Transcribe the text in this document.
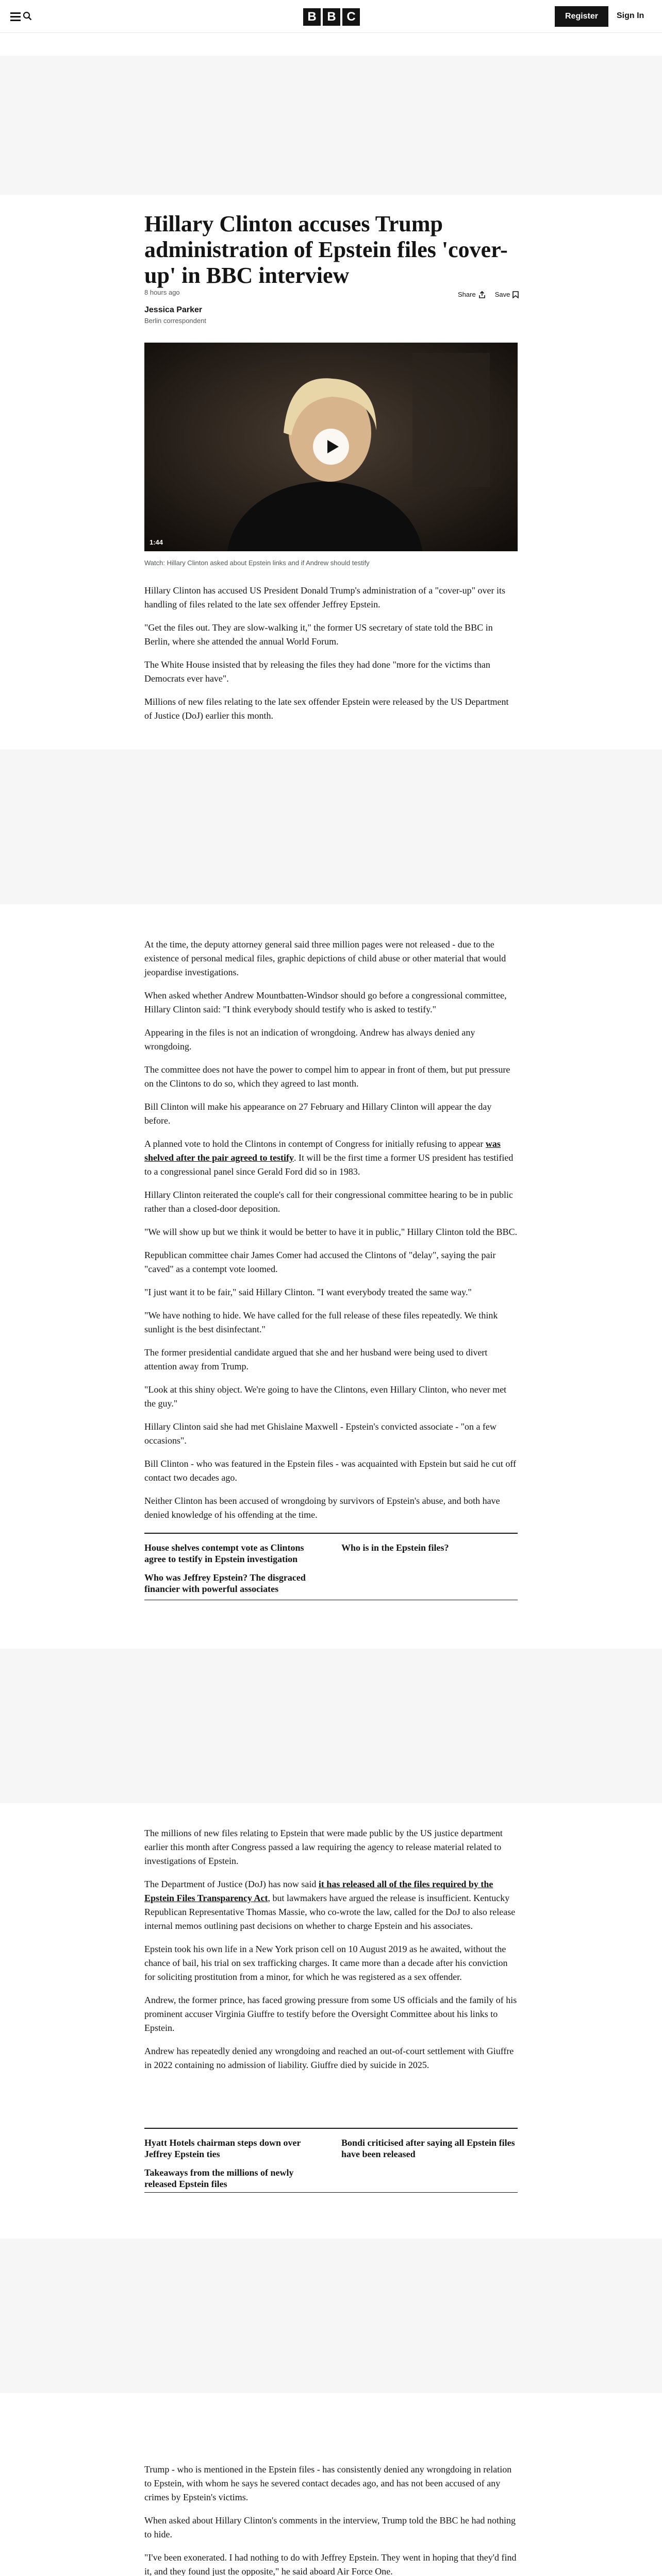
B B C	Register	Sign In
Hillary Clinton accuses Trump administration of Epstein files 'cover-up' in BBC interview
8 hours ago
Jessica Parker
Berlin correspondent
Share	Save
1:44
Watch: Hillary Clinton asked about Epstein links and if Andrew should testify

Hillary Clinton has accused US President Donald Trump's administration of a "cover-up" over its handling of files related to the late sex offender Jeffrey Epstein.

"Get the files out. They are slow-walking it," the former US secretary of state told the BBC in Berlin, where she attended the annual World Forum.

The White House insisted that by releasing the files they had done "more for the victims than Democrats ever have".

Millions of new files relating to the late sex offender Epstein were released by the US Department of Justice (DoJ) earlier this month.

At the time, the deputy attorney general said three million pages were not released - due to the existence of personal medical files, graphic depictions of child abuse or other material that would jeopardise investigations.

When asked whether Andrew Mountbatten-Windsor should go before a congressional committee, Hillary Clinton said: "I think everybody should testify who is asked to testify."

Appearing in the files is not an indication of wrongdoing. Andrew has always denied any wrongdoing.

The committee does not have the power to compel him to appear in front of them, but put pressure on the Clintons to do so, which they agreed to last month.

Bill Clinton will make his appearance on 27 February and Hillary Clinton will appear the day before.

A planned vote to hold the Clintons in contempt of Congress for initially refusing to appear was shelved after the pair agreed to testify. It will be the first time a former US president has testified to a congressional panel since Gerald Ford did so in 1983.

Hillary Clinton reiterated the couple's call for their congressional committee hearing to be in public rather than a closed-door deposition.

"We will show up but we think it would be better to have it in public," Hillary Clinton told the BBC.

Republican committee chair James Comer had accused the Clintons of "delay", saying the pair "caved" as a contempt vote loomed.

"I just want it to be fair," said Hillary Clinton. "I want everybody treated the same way."

"We have nothing to hide. We have called for the full release of these files repeatedly. We think sunlight is the best disinfectant."

The former presidential candidate argued that she and her husband were being used to divert attention away from Trump.

"Look at this shiny object. We're going to have the Clintons, even Hillary Clinton, who never met the guy."

Hillary Clinton said she had met Ghislaine Maxwell - Epstein's convicted associate - "on a few occasions".

Bill Clinton - who was featured in the Epstein files - was acquainted with Epstein but said he cut off contact two decades ago.

Neither Clinton has been accused of wrongdoing by survivors of Epstein's abuse, and both have denied knowledge of his offending at the time.

House shelves contempt vote as Clintons agree to testify in Epstein investigation
Who is in the Epstein files?
Who was Jeffrey Epstein? The disgraced financier with powerful associates

The millions of new files relating to Epstein that were made public by the US justice department earlier this month after Congress passed a law requiring the agency to release material related to investigations of Epstein.

The Department of Justice (DoJ) has now said it has released all of the files required by the Epstein Files Transparency Act, but lawmakers have argued the release is insufficient. Kentucky Republican Representative Thomas Massie, who co-wrote the law, called for the DoJ to also release internal memos outlining past decisions on whether to charge Epstein and his associates.

Epstein took his own life in a New York prison cell on 10 August 2019 as he awaited, without the chance of bail, his trial on sex trafficking charges. It came more than a decade after his conviction for soliciting prostitution from a minor, for which he was registered as a sex offender.

Andrew, the former prince, has faced growing pressure from some US officials and the family of his prominent accuser Virginia Giuffre to testify before the Oversight Committee about his links to Epstein.

Andrew has repeatedly denied any wrongdoing and reached an out-of-court settlement with Giuffre in 2022 containing no admission of liability. Giuffre died by suicide in 2025.

Hyatt Hotels chairman steps down over Jeffrey Epstein ties
Bondi criticised after saying all Epstein files have been released
Takeaways from the millions of newly released Epstein files

Trump - who is mentioned in the Epstein files - has consistently denied any wrongdoing in relation to Epstein, with whom he says he severed contact decades ago, and has not been accused of any crimes by Epstein's victims.

When asked about Hillary Clinton's comments in the interview, Trump told the BBC he had nothing to hide.

"I've been exonerated. I had nothing to do with Jeffrey Epstein. They went in hoping that they'd find it, and they found just the opposite," he said aboard Air Force One.
